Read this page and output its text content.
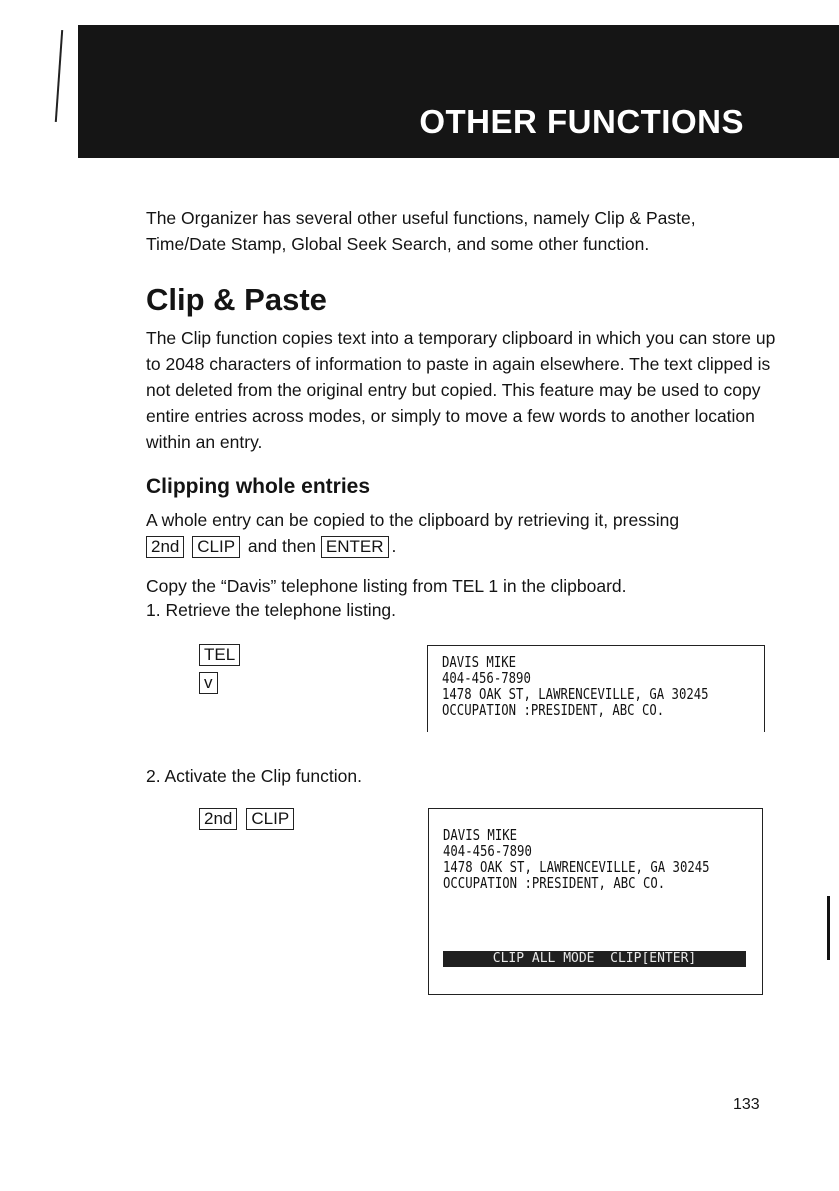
OTHER FUNCTIONS
The Organizer has several other useful functions, namely Clip & Paste, Time/Date Stamp, Global Seek Search, and some other function.
Clip & Paste
The Clip function copies text into a temporary clipboard in which you can store up to 2048 characters of information to paste in again elsewhere. The text clipped is not deleted from the original entry but copied. This feature may be used to copy entire entries across modes, or simply to move a few words to another location within an entry.
Clipping whole entries
A whole entry can be copied to the clipboard by retrieving it, pressing
2nd CLIP and then ENTER .
Copy the “Davis” telephone listing from TEL 1 in the clipboard.
1. Retrieve the telephone listing.
TEL
v
DAVIS MIKE
404-456-7890
1478 OAK ST, LAWRENCEVILLE, GA 30245
OCCUPATION :PRESIDENT, ABC CO.
2. Activate the Clip function.
2nd CLIP
DAVIS MIKE
404-456-7890
1478 OAK ST, LAWRENCEVILLE, GA 30245
OCCUPATION :PRESIDENT, ABC CO.
CLIP ALL MODE  CLIP[ENTER]
133
